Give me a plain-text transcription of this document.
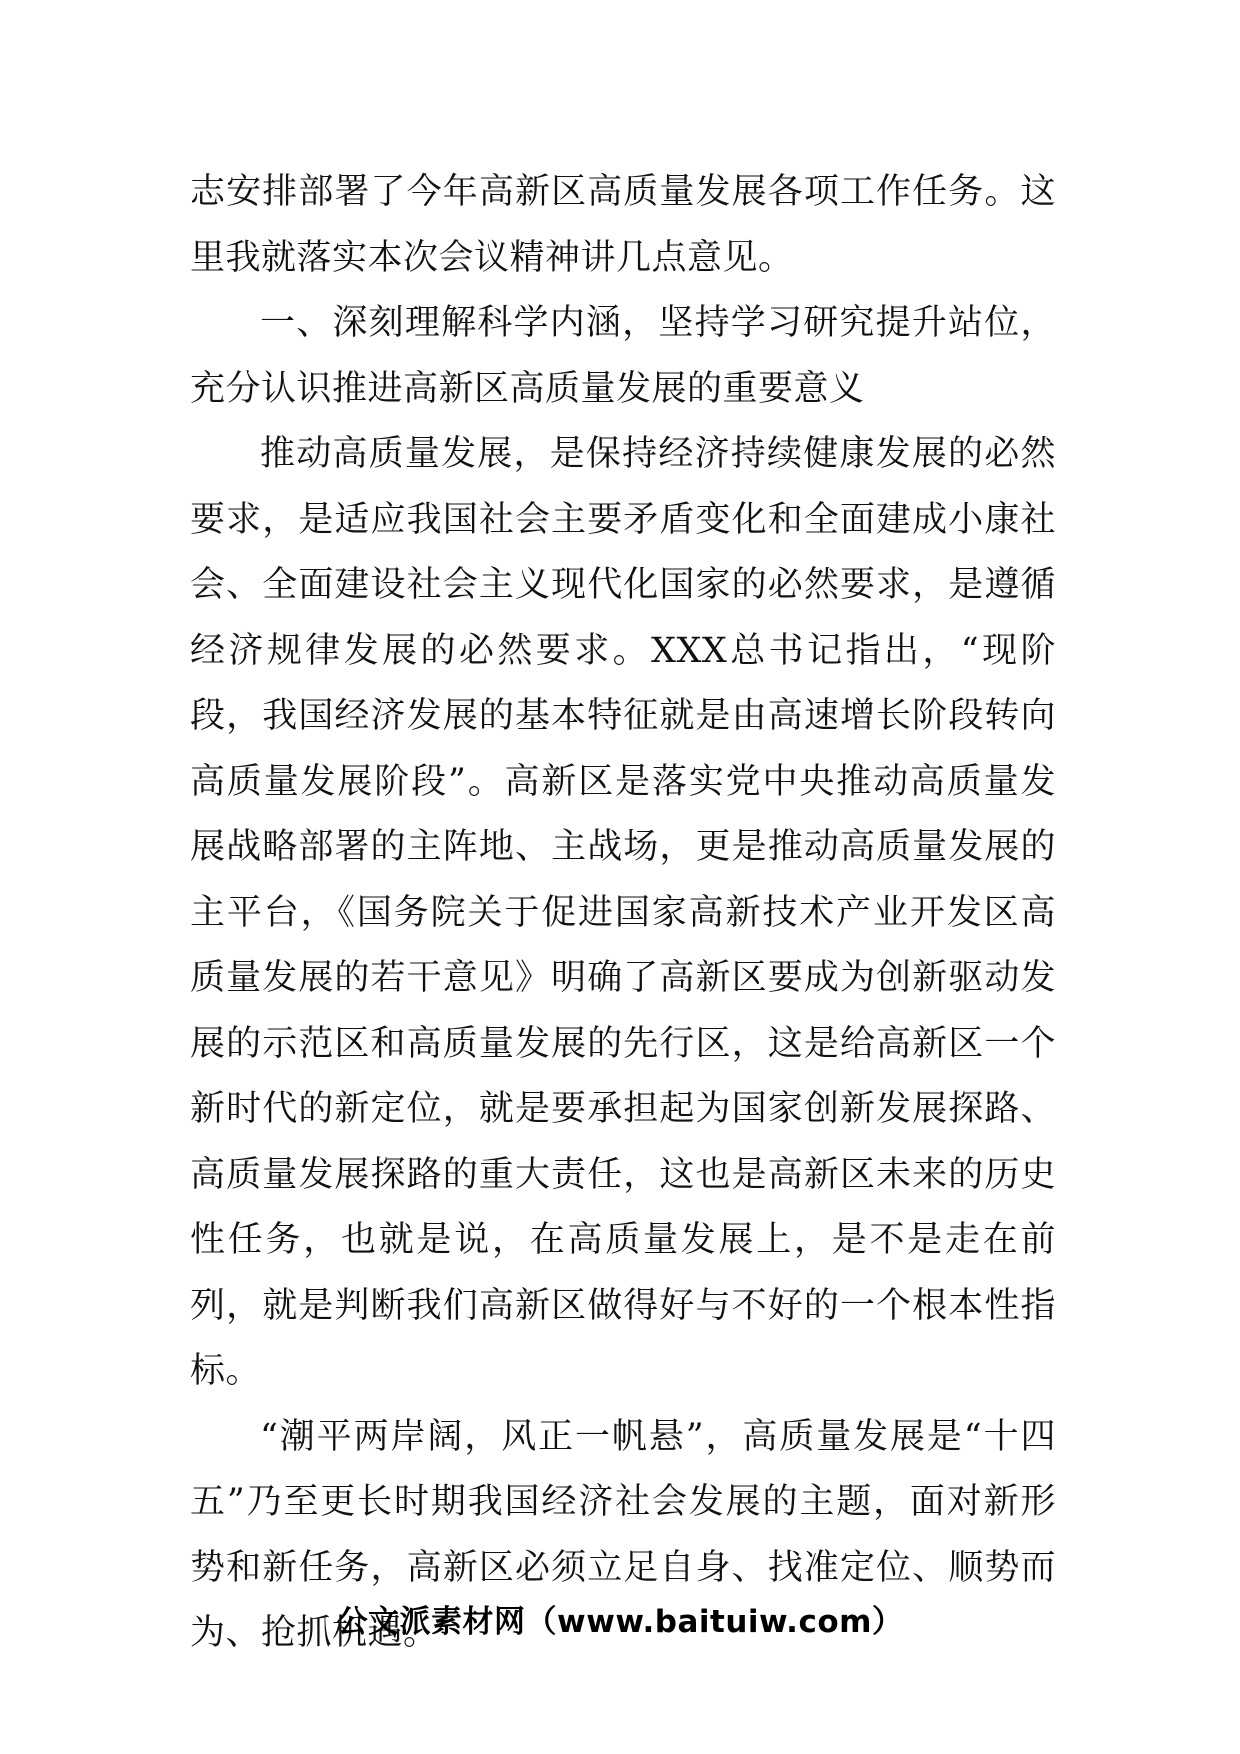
志安排部署了今年高新区高质量发展各项工作任务。这里我就落实本次会议精神讲几点意见。

一、深刻理解科学内涵，坚持学习研究提升站位，充分认识推进高新区高质量发展的重要意义

推动高质量发展，是保持经济持续健康发展的必然要求，是适应我国社会主要矛盾变化和全面建成小康社会、全面建设社会主义现代化国家的必然要求，是遵循经济规律发展的必然要求。XXX总书记指出，“现阶段，我国经济发展的基本特征就是由高速增长阶段转向高质量发展阶段”。高新区是落实党中央推动高质量发展战略部署的主阵地、主战场，更是推动高质量发展的主平台，《国务院关于促进国家高新技术产业开发区高质量发展的若干意见》明确了高新区要成为创新驱动发展的示范区和高质量发展的先行区，这是给高新区一个新时代的新定位，就是要承担起为国家创新发展探路、高质量发展探路的重大责任，这也是高新区未来的历史性任务，也就是说，在高质量发展上，是不是走在前列，就是判断我们高新区做得好与不好的一个根本性指标。

“潮平两岸阔，风正一帆悬”，高质量发展是“十四五”乃至更长时期我国经济社会发展的主题，面对新形势和新任务，高新区必须立足自身、找准定位、顺势而为、抢抓机遇。

公文派素材网（www.baituiw.com）
